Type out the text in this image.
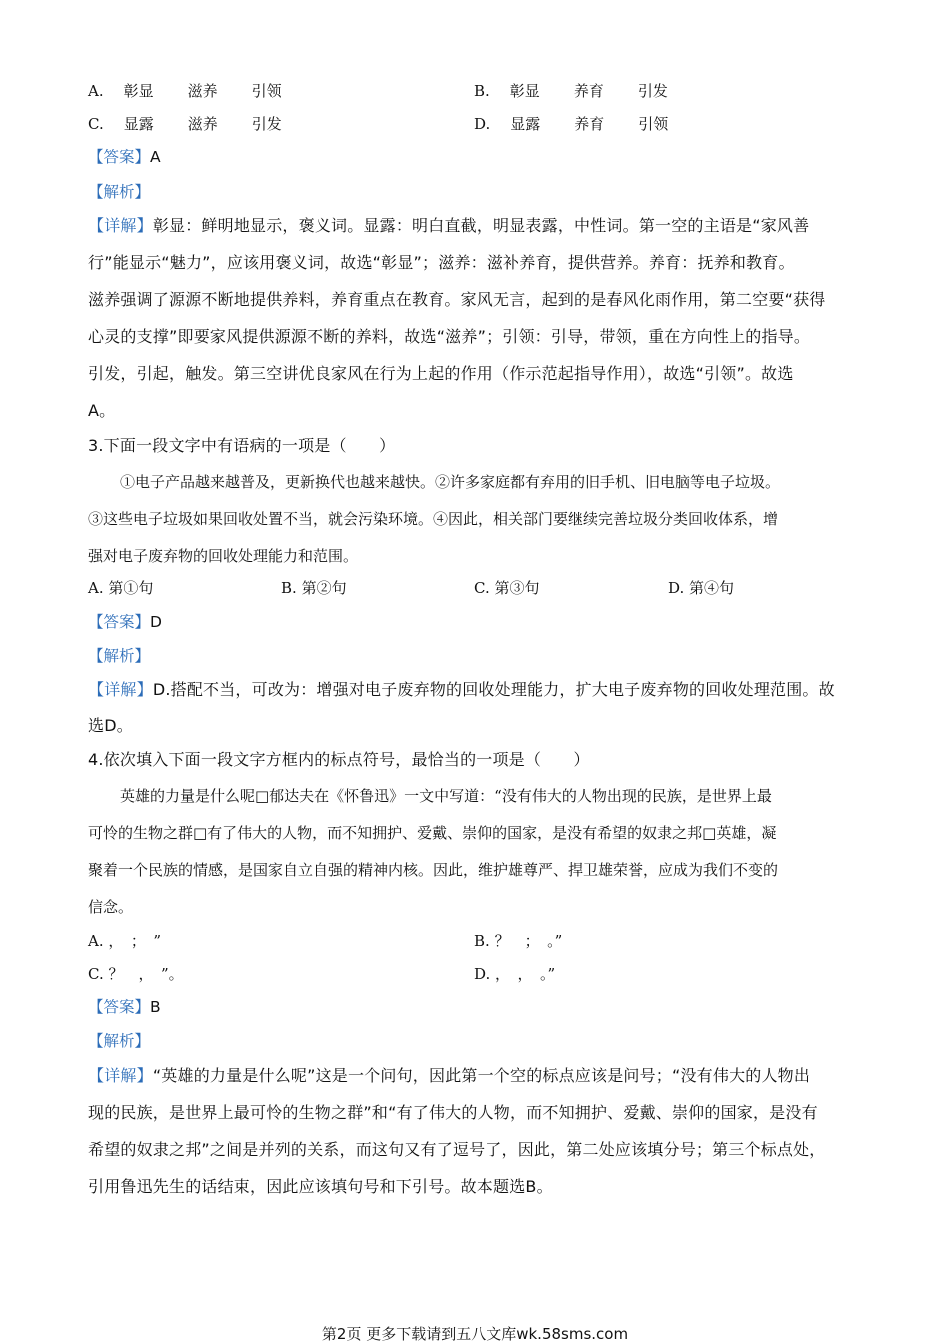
A. 彰显 滋养 引领	B. 彰显 养育 引发
C. 显露 滋养 引发	D. 显露 养育 引领
【答案】A
【解析】
【详解】彰显：鲜明地显示，褒义词。显露：明白直截，明显表露，中性词。第一空的主语是“家风善
行”能显示“魅力”，应该用褒义词，故选“彰显”；滋养：滋补养育，提供营养。养育：抚养和教育。
滋养强调了源源不断地提供养料，养育重点在教育。家风无言，起到的是春风化雨作用，第二空要“获得
心灵的支撑”即要家风提供源源不断的养料，故选“滋养”；引领：引导，带领，重在方向性上的指导。
引发，引起，触发。第三空讲优良家风在行为上起的作用（作示范起指导作用），故选“引领”。故选
A。
3.下面一段文字中有语病的一项是（　　）
①电子产品越来越普及，更新换代也越来越快。②许多家庭都有弃用的旧手机、旧电脑等电子垃圾。
③这些电子垃圾如果回收处置不当，就会污染环境。④因此，相关部门要继续完善垃圾分类回收体系，增
强对电子废弃物的回收处理能力和范围。
A. 第①句	B. 第②句	C. 第③句	D. 第④句
【答案】D
【解析】
【详解】D.搭配不当，可改为：增强对电子废弃物的回收处理能力，扩大电子废弃物的回收处理范围。故
选D。
4.依次填入下面一段文字方框内的标点符号，最恰当的一项是（　　）
英雄的力量是什么呢□郁达夫在《怀鲁迅》一文中写道：“没有伟大的人物出现的民族，是世界上最
可怜的生物之群□有了伟大的人物，而不知拥护、爱戴、崇仰的国家，是没有希望的奴隶之邦□英雄，凝
聚着一个民族的情感，是国家自立自强的精神内核。因此，维护雄尊严、捍卫雄荣誉，应成为我们不变的
信念。
A. ，　；　”	B. ？　；　。”
C. ？　，　”。	D. ，　，　。”
【答案】B
【解析】
【详解】“英雄的力量是什么呢”这是一个问句，因此第一个空的标点应该是问号；“没有伟大的人物出
现的民族，是世界上最可怜的生物之群”和“有了伟大的人物，而不知拥护、爱戴、崇仰的国家，是没有
希望的奴隶之邦”之间是并列的关系，而这句又有了逗号了，因此，第二处应该填分号；第三个标点处，
引用鲁迅先生的话结束，因此应该填句号和下引号。故本题选B。
第2页 更多下载请到五八文库wk.58sms.com
